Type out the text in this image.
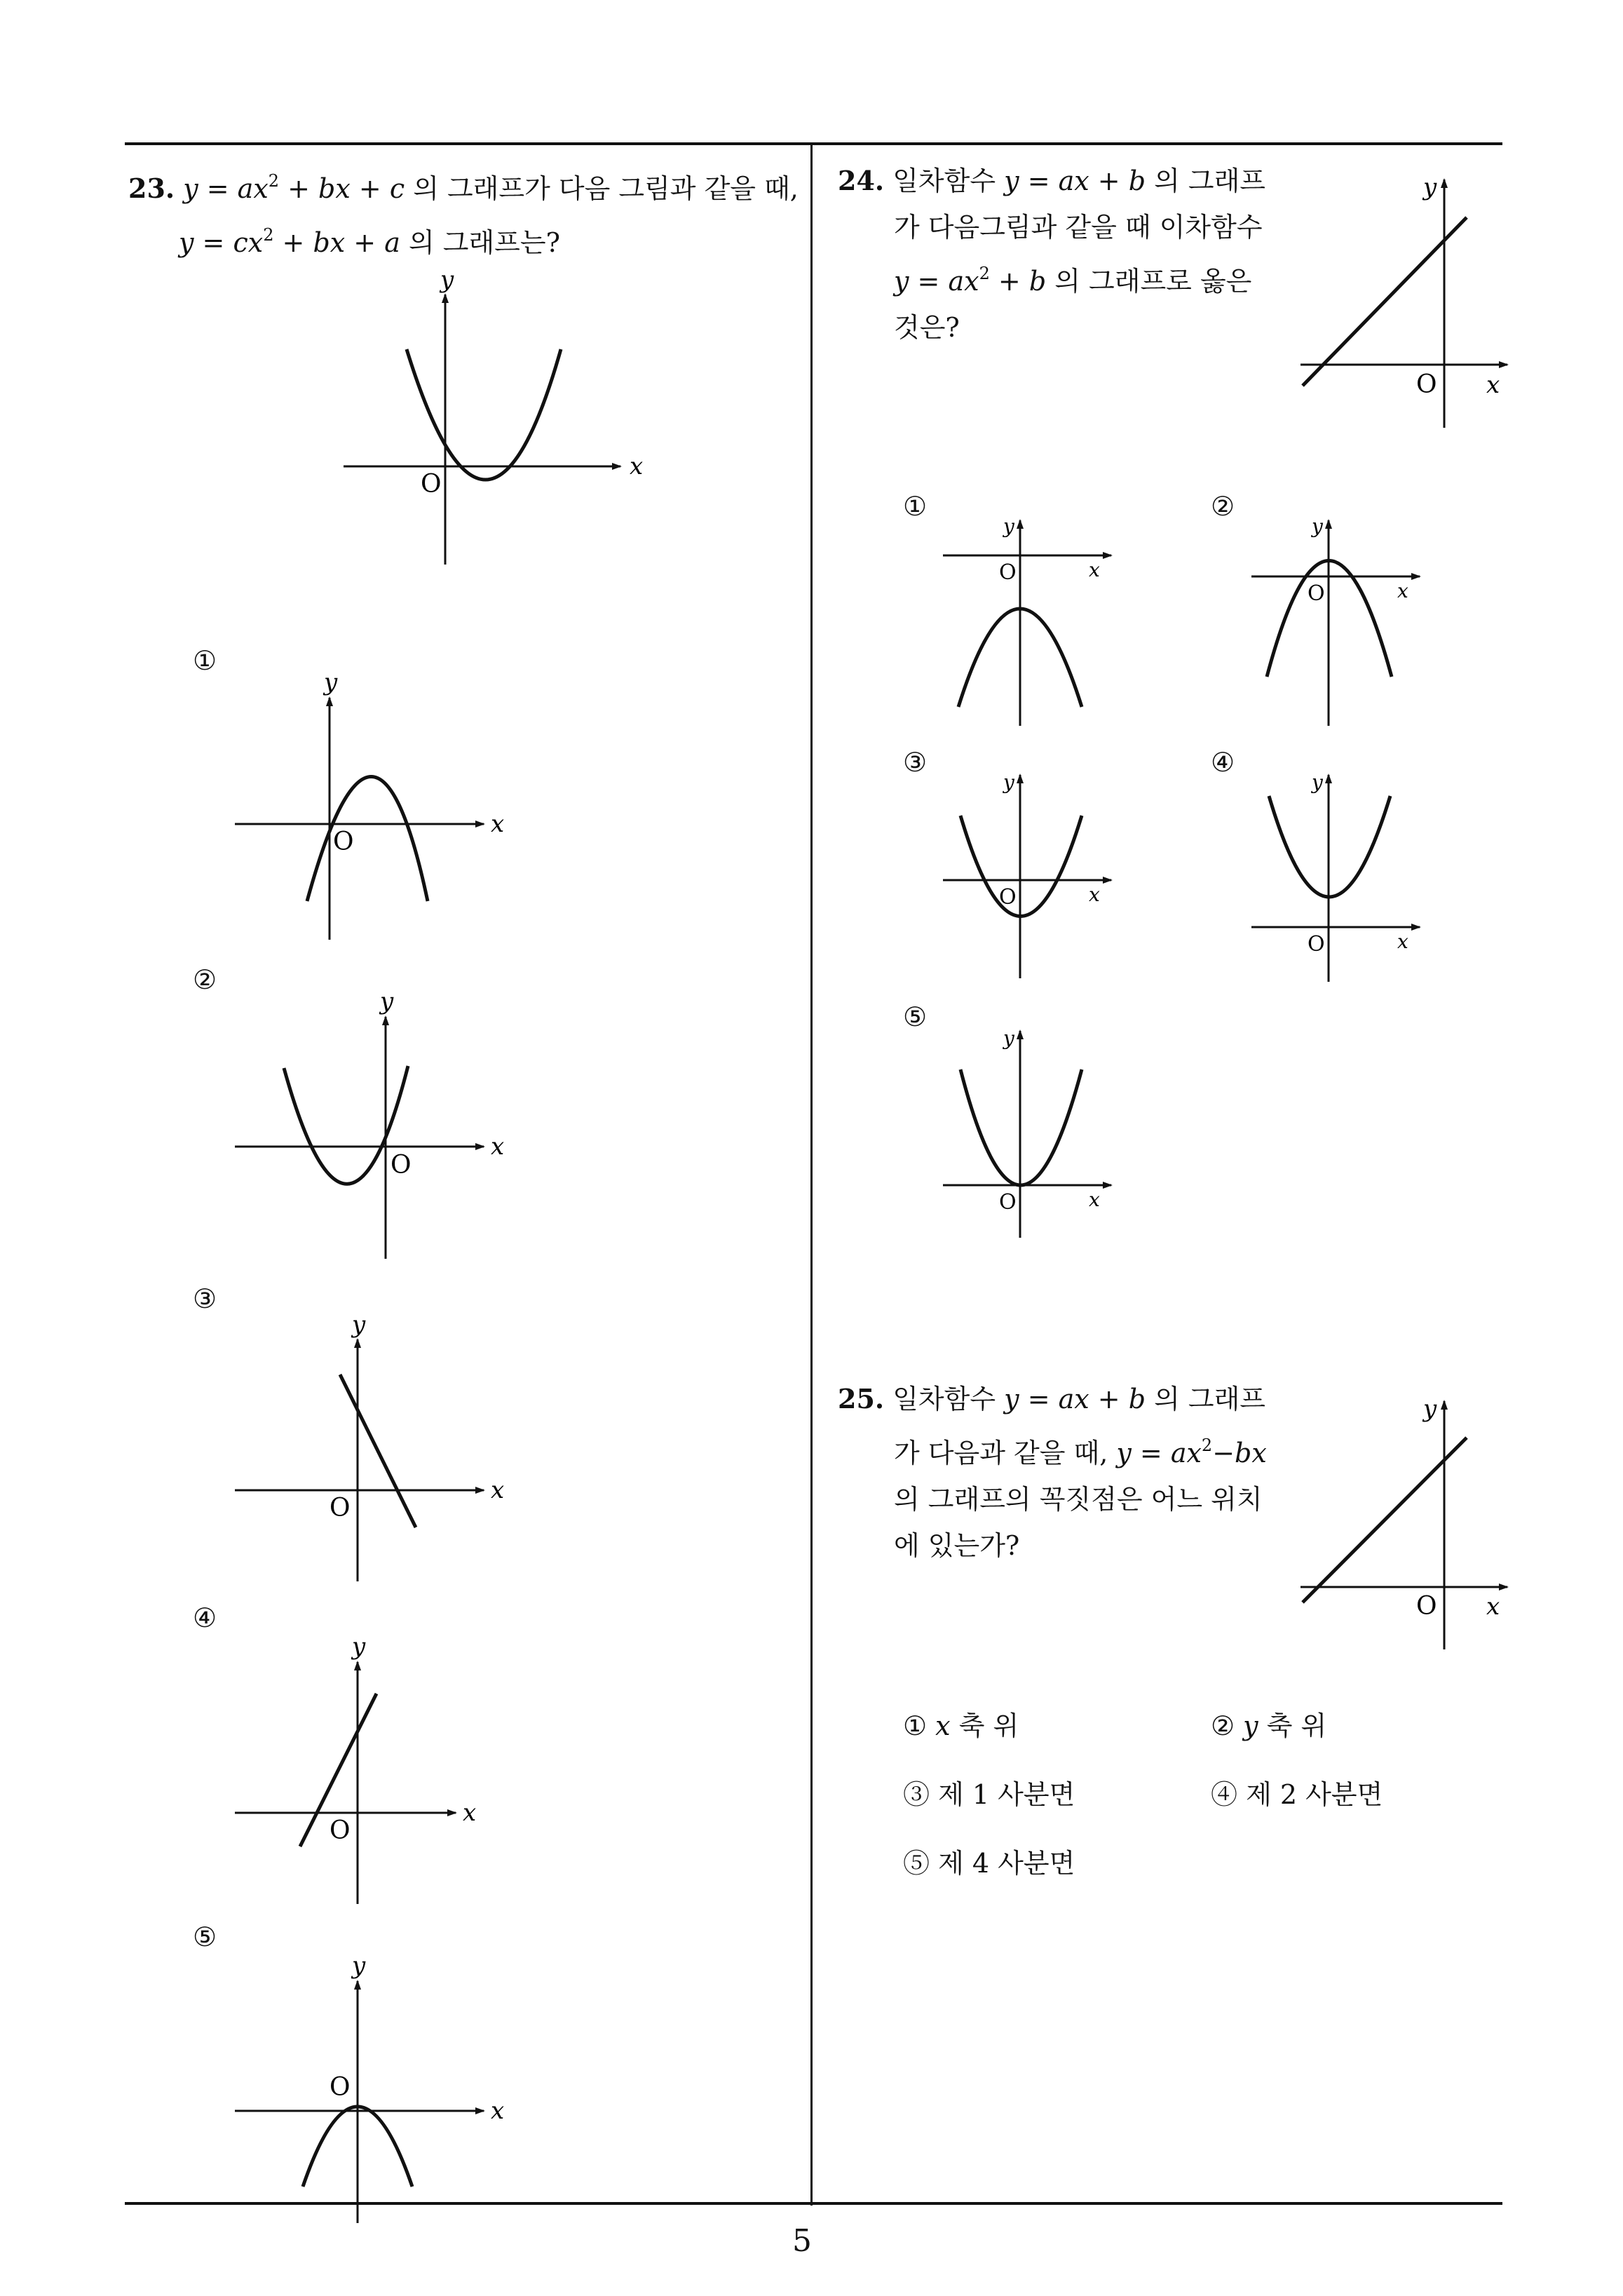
23. $y = ax^2$ + bx + c 의 그래프가 다음 그림과 같을 때,
$y = cx^2$ + bx + a 의 그래프는?
y
x
O
①
②
③
④
⑤
y
x
O
y
x
O
y
x
O
y
x
O
y
x
O
24. 일차함수 y = ax + b 의 그래프
가 다음그림과 같을 때 이차함수
$y = ax^2 + b$ 의 그래프로 옳은
것은?
y
x
O
①	②
③	④
⑤
y
x
O
y
x
O
y
x
O
y
x
O
y
x
O
25. 일차함수 y = ax + b 의 그래프
가 다음과 같을 때, $y = ax^2-bx$
의 그래프의 꼭짓점은 어느 위치
에 있는가?
y
x
O
① x 축 위	② y 축 위
③ 제 1 사분면	④ 제 2 사분면
⑤ 제 4 사분면
5
